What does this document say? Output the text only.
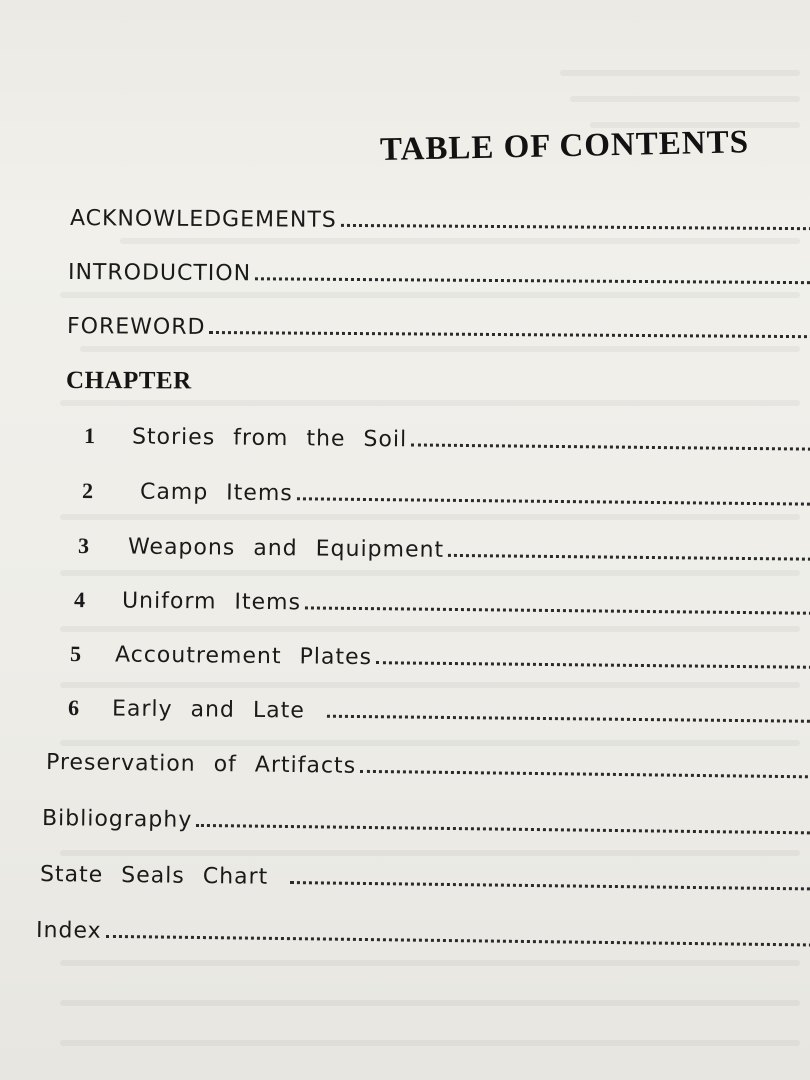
TABLE OF CONTENTS
ACKNOWLEDGEMENTS
INTRODUCTION
FOREWORD
CHAPTER
1	Stories from the Soil
2	Camp Items
3	Weapons and Equipment
4	Uniform Items
5	Accoutrement Plates
6	Early and Late
Preservation of Artifacts
Bibliography
State Seals Chart
Index
